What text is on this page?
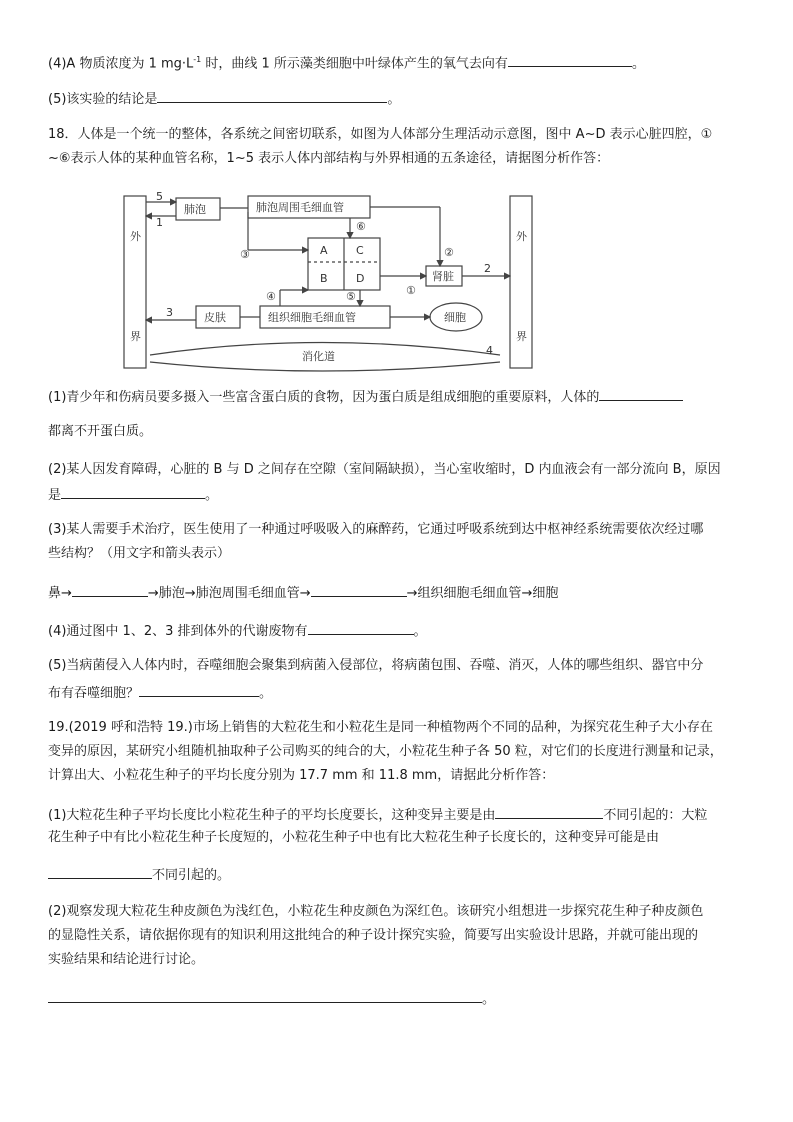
(4)A 物质浓度为 1 $mg\cdot L^{-1}$ 时，曲线 1 所示藻类细胞中叶绿体产生的氧气去向有	。
(5)该实验的结论是	。
18．人体是一个统一的整体，各系统之间密切联系，如图为人体部分生理活动示意图，图中 A~D 表示心脏四腔，①
~⑥表示人体的某种血管名称，1~5 表示人体内部结构与外界相通的五条途径，请据图分析作答：
外
界
外
界
肺泡	肺泡周围毛细血管
肾脏
皮肤	组织细胞毛细血管	细胞
消化道
A
B
C
D
①
②
③
④	⑤
⑥
2
3
4
5
1
(1)青少年和伤病员要多摄入一些富含蛋白质的食物，因为蛋白质是组成细胞的重要原料，人体的
都离不开蛋白质。
(2)某人因发育障碍，心脏的 B 与 D 之间存在空隙（室间隔缺损），当心室收缩时，D 内血液会有一部分流向 B，原因
是	。
(3)某人需要手术治疗，医生使用了一种通过呼吸吸入的麻醉药，它通过呼吸系统到达中枢神经系统需要依次经过哪
些结构？（用文字和箭头表示）
鼻→	→肺泡→肺泡周围毛细血管→	→组织细胞毛细血管→细胞
(4)通过图中 1、2、3 排到体外的代谢废物有	。
(5)当病菌侵入人体内时，吞噬细胞会聚集到病菌入侵部位，将病菌包围、吞噬、消灭，人体的哪些组织、器官中分
布有吞噬细胞？	。
19.(2019 呼和浩特 19.)市场上销售的大粒花生和小粒花生是同一种植物两个不同的品种，为探究花生种子大小存在
变异的原因，某研究小组随机抽取种子公司购买的纯合的大，小粒花生种子各 50 粒，对它们的长度进行测量和记录，
计算出大、小粒花生种子的平均长度分别为 17.7 mm 和 11.8 mm，请据此分析作答：
(1)大粒花生种子平均长度比小粒花生种子的平均长度要长，这种变异主要是由	不同引起的：大粒
花生种子中有比小粒花生种子长度短的，小粒花生种子中也有比大粒花生种子长度长的，这种变异可能是由
不同引起的。
(2)观察发现大粒花生种皮颜色为浅红色，小粒花生种皮颜色为深红色。该研究小组想进一步探究花生种子种皮颜色
的显隐性关系，请依据你现有的知识利用这批纯合的种子设计探究实验，简要写出实验设计思路，并就可能出现的
实验结果和结论进行讨论。
。
